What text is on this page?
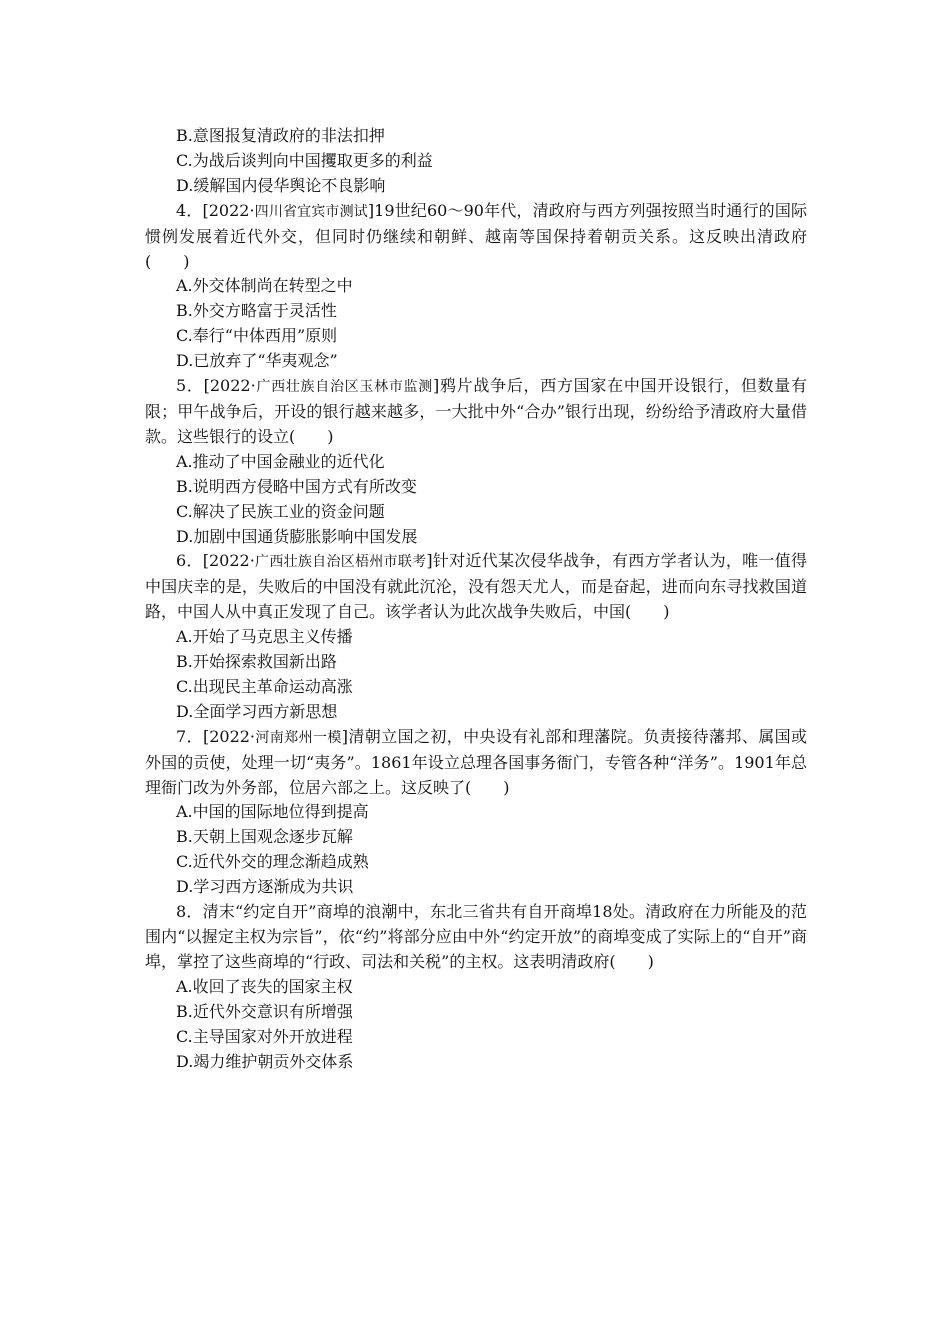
B.意图报复清政府的非法扣押
C.为战后谈判向中国攫取更多的利益
D.缓解国内侵华舆论不良影响
4．[2022·四川省宜宾市测试]19世纪60～90年代，清政府与西方列强按照当时通行的国际惯例发展着近代外交，但同时仍继续和朝鲜、越南等国保持着朝贡关系。这反映出清政府(　　)
A.外交体制尚在转型之中
B.外交方略富于灵活性
C.奉行“中体西用”原则
D.已放弃了“华夷观念”
5．[2022·广西壮族自治区玉林市监测]鸦片战争后，西方国家在中国开设银行，但数量有限；甲午战争后，开设的银行越来越多，一大批中外“合办”银行出现，纷纷给予清政府大量借款。这些银行的设立(　　)
A.推动了中国金融业的近代化
B.说明西方侵略中国方式有所改变
C.解决了民族工业的资金问题
D.加剧中国通货膨胀影响中国发展
6．[2022·广西壮族自治区梧州市联考]针对近代某次侵华战争，有西方学者认为，唯一值得中国庆幸的是，失败后的中国没有就此沉沦，没有怨天尤人，而是奋起，进而向东寻找救国道路，中国人从中真正发现了自己。该学者认为此次战争失败后，中国(　　)
A.开始了马克思主义传播
B.开始探索救国新出路
C.出现民主革命运动高涨
D.全面学习西方新思想
7．[2022·河南郑州一模]清朝立国之初，中央设有礼部和理藩院。负责接待藩邦、属国或外国的贡使，处理一切“夷务”。1861年设立总理各国事务衙门，专管各种“洋务”。1901年总理衙门改为外务部，位居六部之上。这反映了(　　)
A.中国的国际地位得到提高
B.天朝上国观念逐步瓦解
C.近代外交的理念渐趋成熟
D.学习西方逐渐成为共识
8．清末“约定自开”商埠的浪潮中，东北三省共有自开商埠18处。清政府在力所能及的范围内“以握定主权为宗旨”，依“约”将部分应由中外“约定开放”的商埠变成了实际上的“自开”商埠，掌控了这些商埠的“行政、司法和关税”的主权。这表明清政府(　　)
A.收回了丧失的国家主权
B.近代外交意识有所增强
C.主导国家对外开放进程
D.竭力维护朝贡外交体系
